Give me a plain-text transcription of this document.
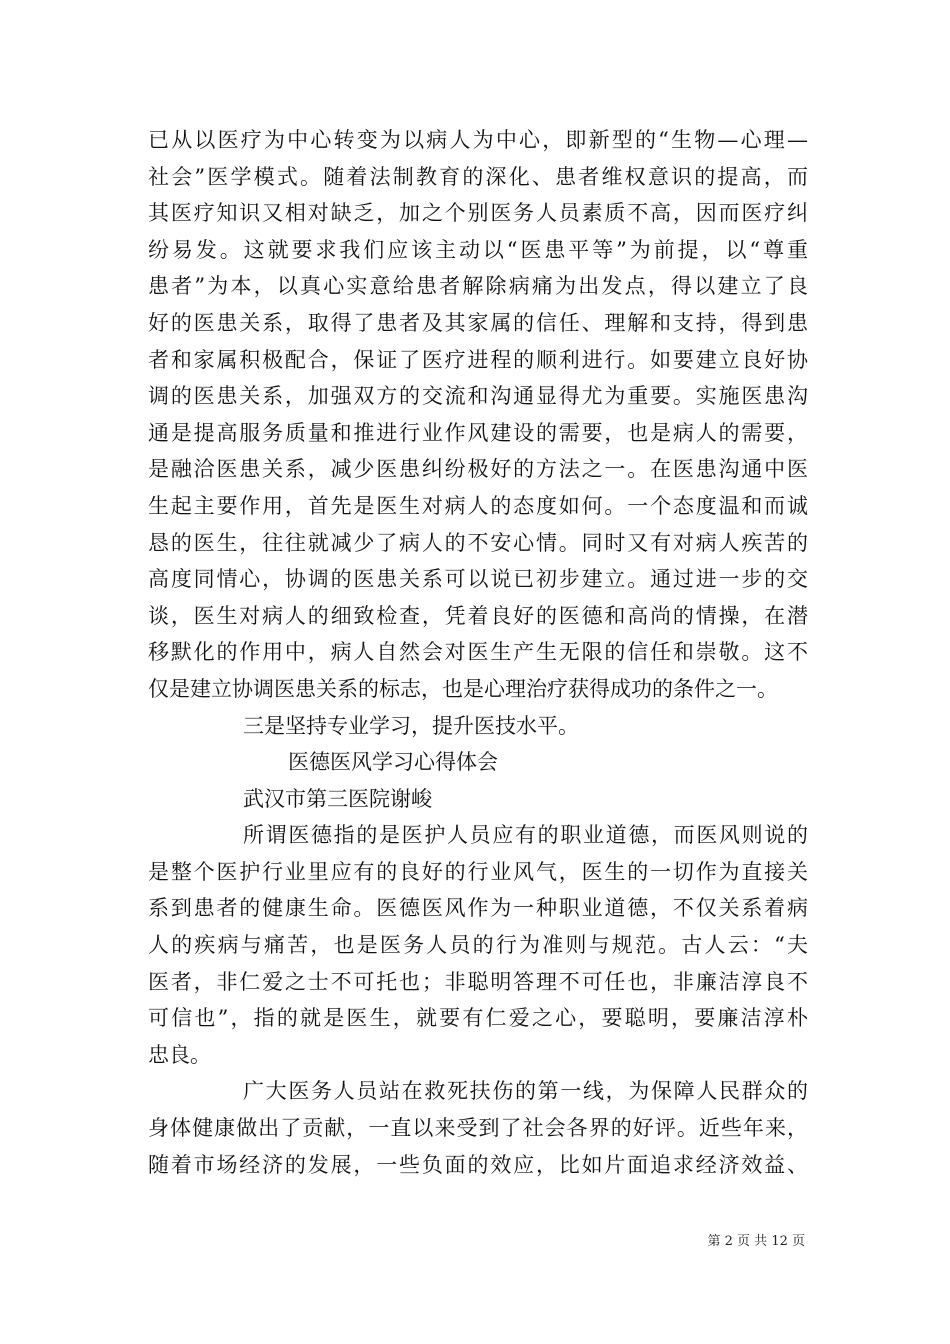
已从以医疗为中心转变为以病人为中心，即新型的“生物—心理—
社会”医学模式。随着法制教育的深化、患者维权意识的提高，而
其医疗知识又相对缺乏，加之个别医务人员素质不高，因而医疗纠
纷易发。这就要求我们应该主动以“医患平等”为前提，以“尊重
患者”为本，以真心实意给患者解除病痛为出发点，得以建立了良
好的医患关系，取得了患者及其家属的信任、理解和支持，得到患
者和家属积极配合，保证了医疗进程的顺利进行。如要建立良好协
调的医患关系，加强双方的交流和沟通显得尤为重要。实施医患沟
通是提高服务质量和推进行业作风建设的需要，也是病人的需要，
是融洽医患关系，减少医患纠纷极好的方法之一。在医患沟通中医
生起主要作用，首先是医生对病人的态度如何。一个态度温和而诚
恳的医生，往往就减少了病人的不安心情。同时又有对病人疾苦的
高度同情心，协调的医患关系可以说已初步建立。通过进一步的交
谈，医生对病人的细致检查，凭着良好的医德和高尚的情操，在潜
移默化的作用中，病人自然会对医生产生无限的信任和崇敬。这不
仅是建立协调医患关系的标志，也是心理治疗获得成功的条件之一。
三是坚持专业学习，提升医技水平。
医德医风学习心得体会
武汉市第三医院谢峻
所谓医德指的是医护人员应有的职业道德，而医风则说的
是整个医护行业里应有的良好的行业风气，医生的一切作为直接关
系到患者的健康生命。医德医风作为一种职业道德，不仅关系着病
人的疾病与痛苦，也是医务人员的行为准则与规范。古人云：“夫
医者，非仁爱之士不可托也；非聪明答理不可任也，非廉洁淳良不
可信也”，指的就是医生，就要有仁爱之心，要聪明，要廉洁淳朴
忠良。
广大医务人员站在救死扶伤的第一线，为保障人民群众的
身体健康做出了贡献，一直以来受到了社会各界的好评。近些年来，
随着市场经济的发展，一些负面的效应，比如片面追求经济效益、
第 2 页 共 12 页
